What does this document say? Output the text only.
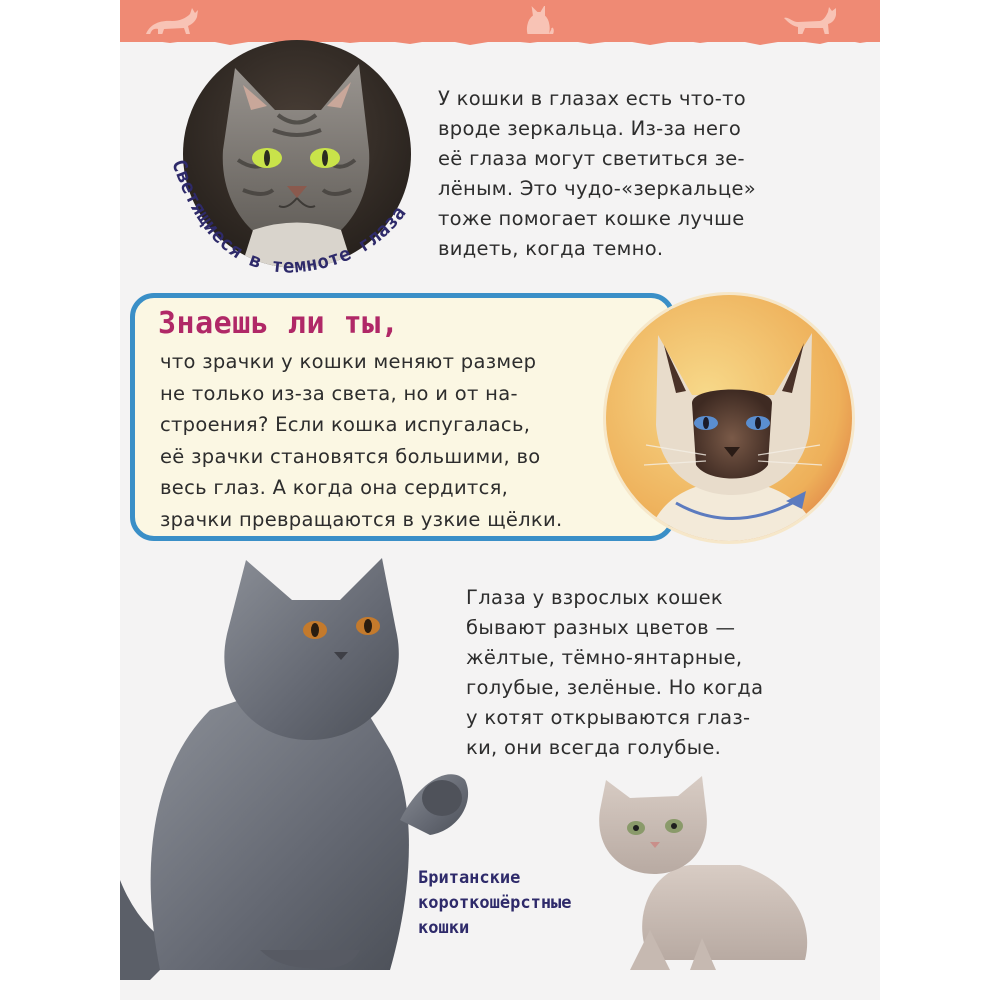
Светящиеся в темноте глаза

У кошки в глазах есть что-то
вроде зеркальца. Из-за него
её глаза могут светиться зе-
лёным. Это чудо-«зеркальце»
тоже помогает кошке лучше
видеть, когда темно.

Знаешь ли ты,

что зрачки у кошки меняют размер
не только из-за света, но и от на-
строения? Если кошка испугалась,
её зрачки становятся большими, во
весь глаз. А когда она сердится,
зрачки превращаются в узкие щёлки.

Глаза у взрослых кошек
бывают разных цветов —
жёлтые, тёмно-янтарные,
голубые, зелёные. Но когда
у котят открываются глаз-
ки, они всегда голубые.

Британские
короткошёрстные
кошки
